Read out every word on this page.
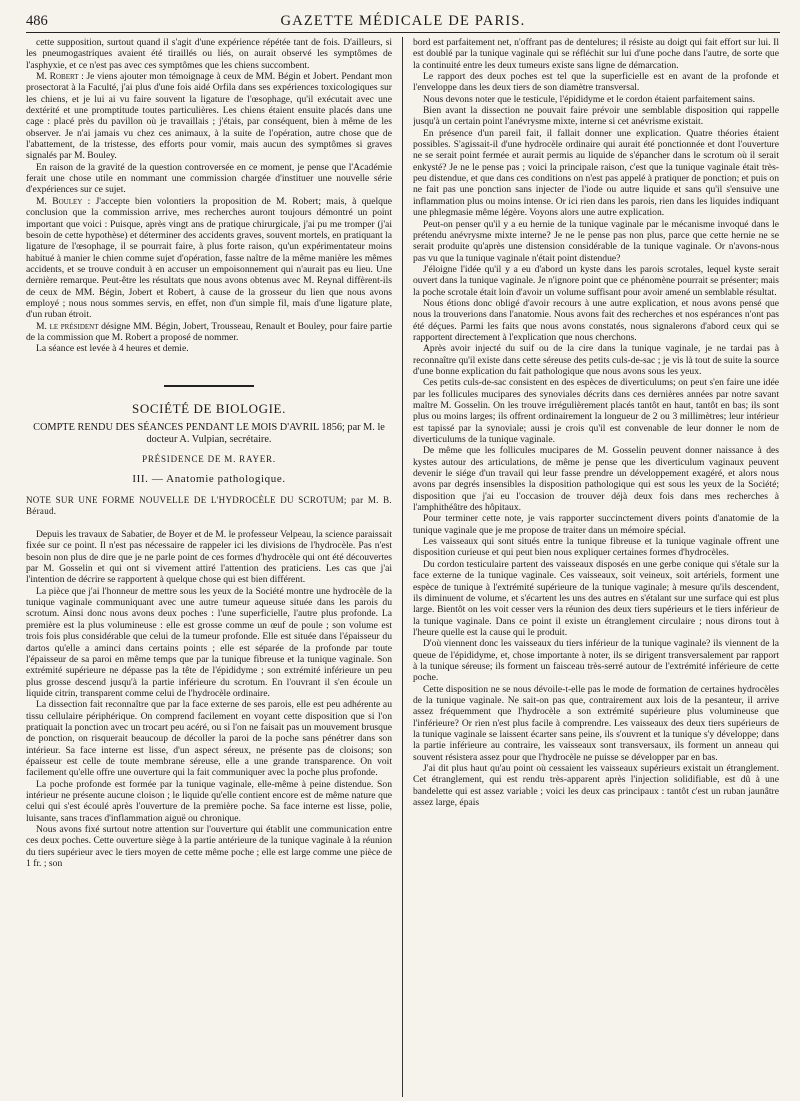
486	GAZETTE MÉDICALE DE PARIS.

cette supposition, surtout quand il s'agit d'une expérience répétée tant de fois. D'ailleurs, si les pneumogastriques avaient été tiraillés ou liés, on aurait observé les symptômes de l'asphyxie, et ce n'est pas avec ces symptômes que les chiens succombent.

M. Robert : Je viens ajouter mon témoignage à ceux de MM. Bégin et Jobert. Pendant mon prosectorat à la Faculté, j'ai plus d'une fois aidé Orfila dans ses expériences toxicologiques sur les chiens, et je lui ai vu faire souvent la ligature de l'œsophage, qu'il exécutait avec une dextérité et une promptitude toutes particulières. Les chiens étaient ensuite placés dans une cage : placé près du pavillon où je travaillais ; j'étais, par conséquent, bien à même de les observer. Je n'ai jamais vu chez ces animaux, à la suite de l'opération, autre chose que de l'abattement, de la tristesse, des efforts pour vomir, mais aucun des symptômes si graves signalés par M. Bouley.

En raison de la gravité de la question controversée en ce moment, je pense que l'Académie ferait une chose utile en nommant une commission chargée d'instituer une nouvelle série d'expériences sur ce sujet.

M. Bouley : J'accepte bien volontiers la proposition de M. Robert; mais, à quelque conclusion que la commission arrive, mes recherches auront toujours démontré un point important que voici : Puisque, après vingt ans de pratique chirurgicale, j'ai pu me tromper (j'ai besoin de cette hypothèse) et déterminer des accidents graves, souvent mortels, en pratiquant la ligature de l'œsophage, il se pourrait faire, à plus forte raison, qu'un expérimentateur moins habitué à manier le chien comme sujet d'opération, fasse naître de la même manière les mêmes accidents, et se trouve conduit à en accuser un empoisonnement qui n'aurait pas eu lieu. Une dernière remarque. Peut-être les résultats que nous avons obtenus avec M. Reynal diffèrent-ils de ceux de MM. Bégin, Jobert et Robert, à cause de la grosseur du lien que nous avons employé ; nous nous sommes servis, en effet, non d'un simple fil, mais d'une ligature plate, d'un ruban étroit.

M. le président désigne MM. Bégin, Jobert, Trousseau, Renault et Bouley, pour faire partie de la commission que M. Robert a proposé de nommer.

La séance est levée à 4 heures et demie.

SOCIÉTÉ DE BIOLOGIE.
COMPTE RENDU DES SÉANCES PENDANT LE MOIS D'AVRIL 1856; par M. le docteur A. Vulpian, secrétaire.
PRÉSIDENCE DE M. RAYER.
III. — Anatomie pathologique.
NOTE SUR UNE FORME NOUVELLE DE L'HYDROCÈLE DU SCROTUM; par M. B. Béraud.

Depuis les travaux de Sabatier, de Boyer et de M. le professeur Velpeau, la science paraissait fixée sur ce point. Il n'est pas nécessaire de rappeler ici les divisions de l'hydrocèle. Pas n'est besoin non plus de dire que je ne parle point de ces formes d'hydrocèle qui ont été découvertes par M. Gosselin et qui ont si vivement attiré l'attention des praticiens. Les cas que j'ai l'intention de décrire se rapportent à quelque chose qui est bien différent.

La pièce que j'ai l'honneur de mettre sous les yeux de la Société montre une hydrocèle de la tunique vaginale communiquant avec une autre tumeur aqueuse située dans les parois du scrotum. Ainsi donc nous avons deux poches : l'une superficielle, l'autre plus profonde. La première est la plus volumineuse : elle est grosse comme un œuf de poule ; son volume est trois fois plus considérable que celui de la tumeur profonde. Elle est située dans l'épaisseur du dartos qu'elle a aminci dans certains points ; elle est séparée de la profonde par toute l'épaisseur de sa paroi en même temps que par la tunique fibreuse et la tunique vaginale. Son extrémité supérieure ne dépasse pas la tête de l'épididyme ; son extrémité inférieure un peu plus grosse descend jusqu'à la partie inférieure du scrotum. En l'ouvrant il s'en écoule un liquide citrin, transparent comme celui de l'hydrocèle ordinaire.

La dissection fait reconnaître que par la face externe de ses parois, elle est peu adhérente au tissu cellulaire périphérique. On comprend facilement en voyant cette disposition que si l'on pratiquait la ponction avec un trocart peu acéré, ou si l'on ne faisait pas un mouvement brusque de ponction, on risquerait beaucoup de décoller la paroi de la poche sans pénétrer dans son intérieur. Sa face interne est lisse, d'un aspect séreux, ne présente pas de cloisons; son épaisseur est celle de toute membrane séreuse, elle a une grande transparence. On voit facilement qu'elle offre une ouverture qui la fait communiquer avec la poche plus profonde.

La poche profonde est formée par la tunique vaginale, elle-même à peine distendue. Son intérieur ne présente aucune cloison ; le liquide qu'elle contient encore est de même nature que celui qui s'est écoulé après l'ouverture de la première poche. Sa face interne est lisse, polie, luisante, sans traces d'inflammation aiguë ou chronique.

Nous avons fixé surtout notre attention sur l'ouverture qui établit une communication entre ces deux poches. Cette ouverture siège à la partie antérieure de la tunique vaginale à la réunion du tiers supérieur avec le tiers moyen de cette même poche ; elle est large comme une pièce de 1 fr. ; son

bord est parfaitement net, n'offrant pas de dentelures; il résiste au doigt qui fait effort sur lui. Il est doublé par la tunique vaginale qui se réfléchit sur lui d'une poche dans l'autre, de sorte que la continuité entre les deux tumeurs existe sans ligne de démarcation.

Le rapport des deux poches est tel que la superficielle est en avant de la profonde et l'enveloppe dans les deux tiers de son diamètre transversal.

Nous devons noter que le testicule, l'épididyme et le cordon étaient parfaitement sains.

Bien avant la dissection ne pouvait faire prévoir une semblable disposition qui rappelle jusqu'à un certain point l'anévrysme mixte, interne si cet anévrisme existait.

En présence d'un pareil fait, il fallait donner une explication. Quatre théories étaient possibles. S'agissait-il d'une hydrocèle ordinaire qui aurait été ponctionnée et dont l'ouverture ne se serait point fermée et aurait permis au liquide de s'épancher dans le scrotum où il serait enkysté? Je ne le pense pas ; voici la principale raison, c'est que la tunique vaginale était très-peu distendue, et que dans ces conditions on n'est pas appelé à pratiquer de ponction; et puis on ne fait pas une ponction sans injecter de l'iode ou autre liquide et sans qu'il s'ensuive une inflammation plus ou moins intense. Or ici rien dans les parois, rien dans les liquides indiquant une phlegmasie même légère. Voyons alors une autre explication.

Peut-on penser qu'il y a eu hernie de la tunique vaginale par le mécanisme invoqué dans le prétendu anévrysme mixte interne? Je ne le pense pas non plus, parce que cette hernie ne se serait produite qu'après une distension considérable de la tunique vaginale. Or n'avons-nous pas vu que la tunique vaginale n'était point distendue?

J'éloigne l'idée qu'il y a eu d'abord un kyste dans les parois scrotales, lequel kyste serait ouvert dans la tunique vaginale. Je n'ignore point que ce phénomène pourrait se présenter; mais la poche scrotale était loin d'avoir un volume suffisant pour avoir amené un semblable résultat.

Nous étions donc obligé d'avoir recours à une autre explication, et nous avons pensé que nous la trouverions dans l'anatomie. Nous avons fait des recherches et nos espérances n'ont pas été déçues. Parmi les faits que nous avons constatés, nous signalerons d'abord ceux qui se rapportent directement à l'explication que nous cherchons.

Après avoir injecté du suif ou de la cire dans la tunique vaginale, je ne tardai pas à reconnaître qu'il existe dans cette séreuse des petits culs-de-sac ; je vis là tout de suite la source d'une bonne explication du fait pathologique que nous avons sous les yeux.

Ces petits culs-de-sac consistent en des espèces de diverticulums; on peut s'en faire une idée par les follicules mucipares des synoviales décrits dans ces dernières années par notre savant maître M. Gosselin. On les trouve irrégulièrement placés tantôt en haut, tantôt en bas; ils sont plus ou moins larges; ils offrent ordinairement la longueur de 2 ou 3 millimètres; leur intérieur est tapissé par la synoviale; aussi je crois qu'il est convenable de leur donner le nom de diverticulums de la tunique vaginale.

De même que les follicules mucipares de M. Gosselin peuvent donner naissance à des kystes autour des articulations, de même je pense que les diverticulum vaginaux peuvent devenir le siége d'un travail qui leur fasse prendre un développement exagéré, et alors nous avons par degrés insensibles la disposition pathologique qui est sous les yeux de la Société; disposition que j'ai eu l'occasion de trouver déjà deux fois dans mes recherches à l'amphithéâtre des hôpitaux.

Pour terminer cette note, je vais rapporter succinctement divers points d'anatomie de la tunique vaginale que je me propose de traiter dans un mémoire spécial.

Les vaisseaux qui sont situés entre la tunique fibreuse et la tunique vaginale offrent une disposition curieuse et qui peut bien nous expliquer certaines formes d'hydrocèles.

Du cordon testiculaire partent des vaisseaux disposés en une gerbe conique qui s'étale sur la face externe de la tunique vaginale. Ces vaisseaux, soit veineux, soit artériels, forment une espèce de tunique à l'extrémité supérieure de la tunique vaginale; à mesure qu'ils descendent, ils diminuent de volume, et s'écartent les uns des autres en s'étalant sur une surface qui est plus large. Bientôt on les voit cesser vers la réunion des deux tiers supérieurs et le tiers inférieur de la tunique vaginale. Dans ce point il existe un étranglement circulaire ; nous dirons tout à l'heure quelle est la cause qui le produit.

D'où viennent donc les vaisseaux du tiers inférieur de la tunique vaginale? ils viennent de la queue de l'épididyme, et, chose importante à noter, ils se dirigent transversalement par rapport à la tunique séreuse; ils forment un faisceau très-serré autour de l'extrémité inférieure de cette poche.

Cette disposition ne se nous dévoile-t-elle pas le mode de formation de certaines hydrocèles de la tunique vaginale. Ne sait-on pas que, contrairement aux lois de la pesanteur, il arrive assez fréquemment que l'hydrocèle a son extrémité supérieure plus volumineuse que l'inférieure? Or rien n'est plus facile à comprendre. Les vaisseaux des deux tiers supérieurs de la tunique vaginale se laissent écarter sans peine, ils s'ouvrent et la tunique s'y développe; dans la partie inférieure au contraire, les vaisseaux sont transversaux, ils forment un anneau qui souvent résistera assez pour que l'hydrocèle ne puisse se développer par en bas.

J'ai dit plus haut qu'au point où cessaient les vaisseaux supérieurs existait un étranglement. Cet étranglement, qui est rendu très-apparent après l'injection solidifiable, est dû à une bandelette qui est assez variable ; voici les deux cas principaux : tantôt c'est un ruban jaunâtre assez large, épais
